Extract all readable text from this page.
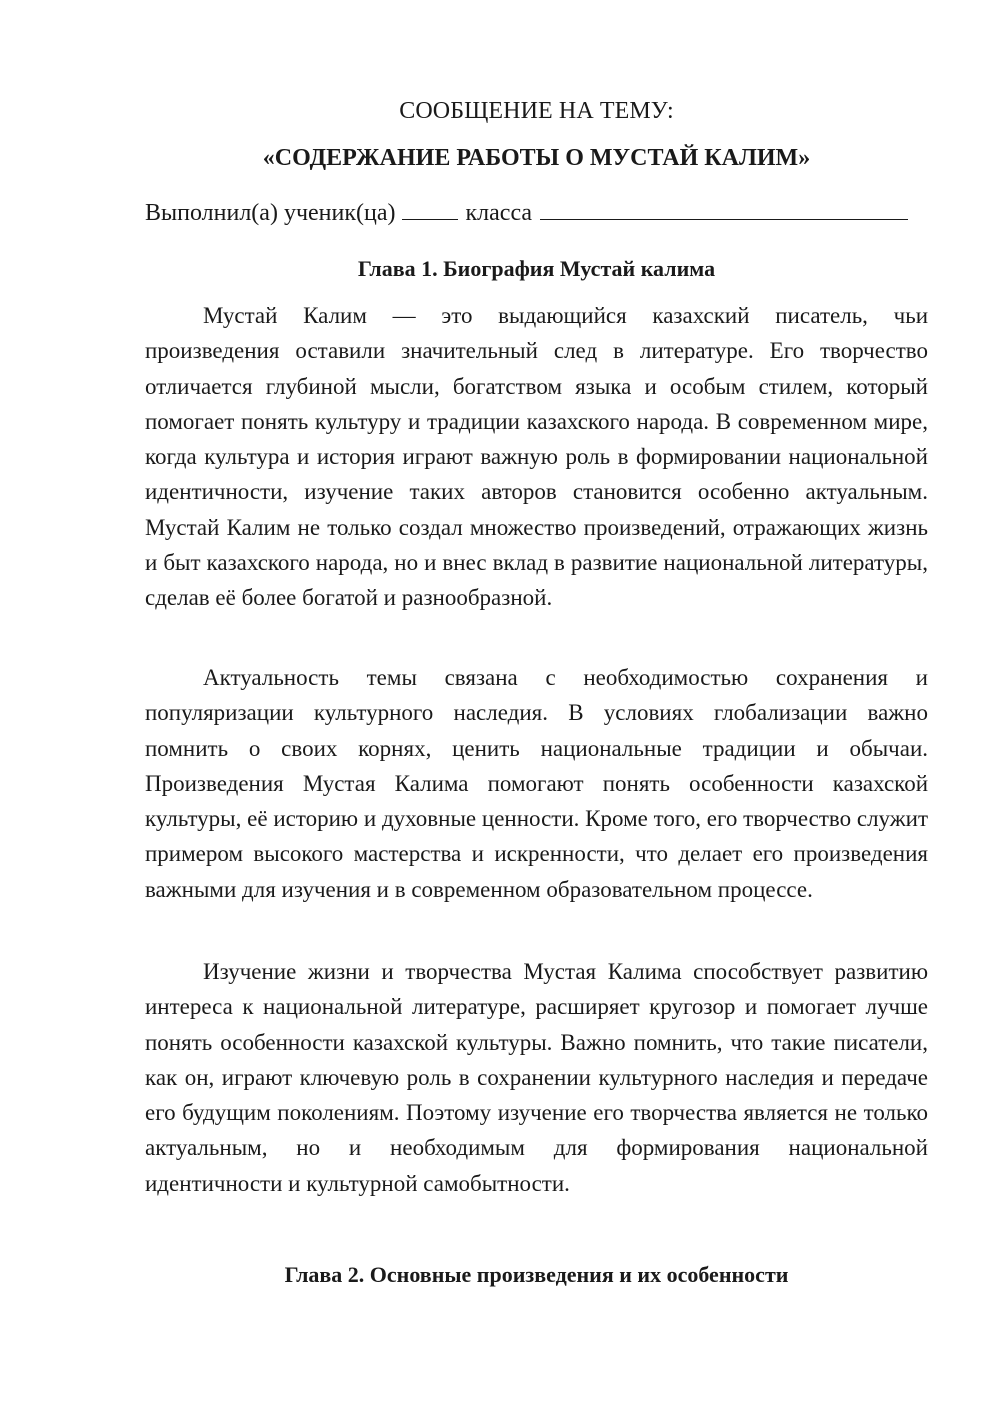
СООБЩЕНИЕ НА ТЕМУ:
«СОДЕРЖАНИЕ РАБОТЫ О МУСТАЙ КАЛИМ»
Выполнил(а) ученик(ца)	класса
Глава 1. Биография Мустай калима

Мустай Калим — это выдающийся казахский писатель, чьи произведения оставили значительный след в литературе. Его творчество отличается глубиной мысли, богатством языка и особым стилем, который помогает понять культуру и традиции казахского народа. В современном мире, когда культура и история играют важную роль в формировании национальной идентичности, изучение таких авторов становится особенно актуальным. Мустай Калим не только создал множество произведений, отражающих жизнь и быт казахского народа, но и внес вклад в развитие национальной литературы, сделав её более богатой и разнообразной.

Актуальность темы связана с необходимостью сохранения и популяризации культурного наследия. В условиях глобализации важно помнить о своих корнях, ценить национальные традиции и обычаи. Произведения Мустая Калима помогают понять особенности казахской культуры, её историю и духовные ценности. Кроме того, его творчество служит примером высокого мастерства и искренности, что делает его произведения важными для изучения и в современном образовательном процессе.

Изучение жизни и творчества Мустая Калима способствует развитию интереса к национальной литературе, расширяет кругозор и помогает лучше понять особенности казахской культуры. Важно помнить, что такие писатели, как он, играют ключевую роль в сохранении культурного наследия и передаче его будущим поколениям. Поэтому изучение его творчества является не только актуальным, но и необходимым для формирования национальной идентичности и культурной самобытности.

Глава 2. Основные произведения и их особенности
